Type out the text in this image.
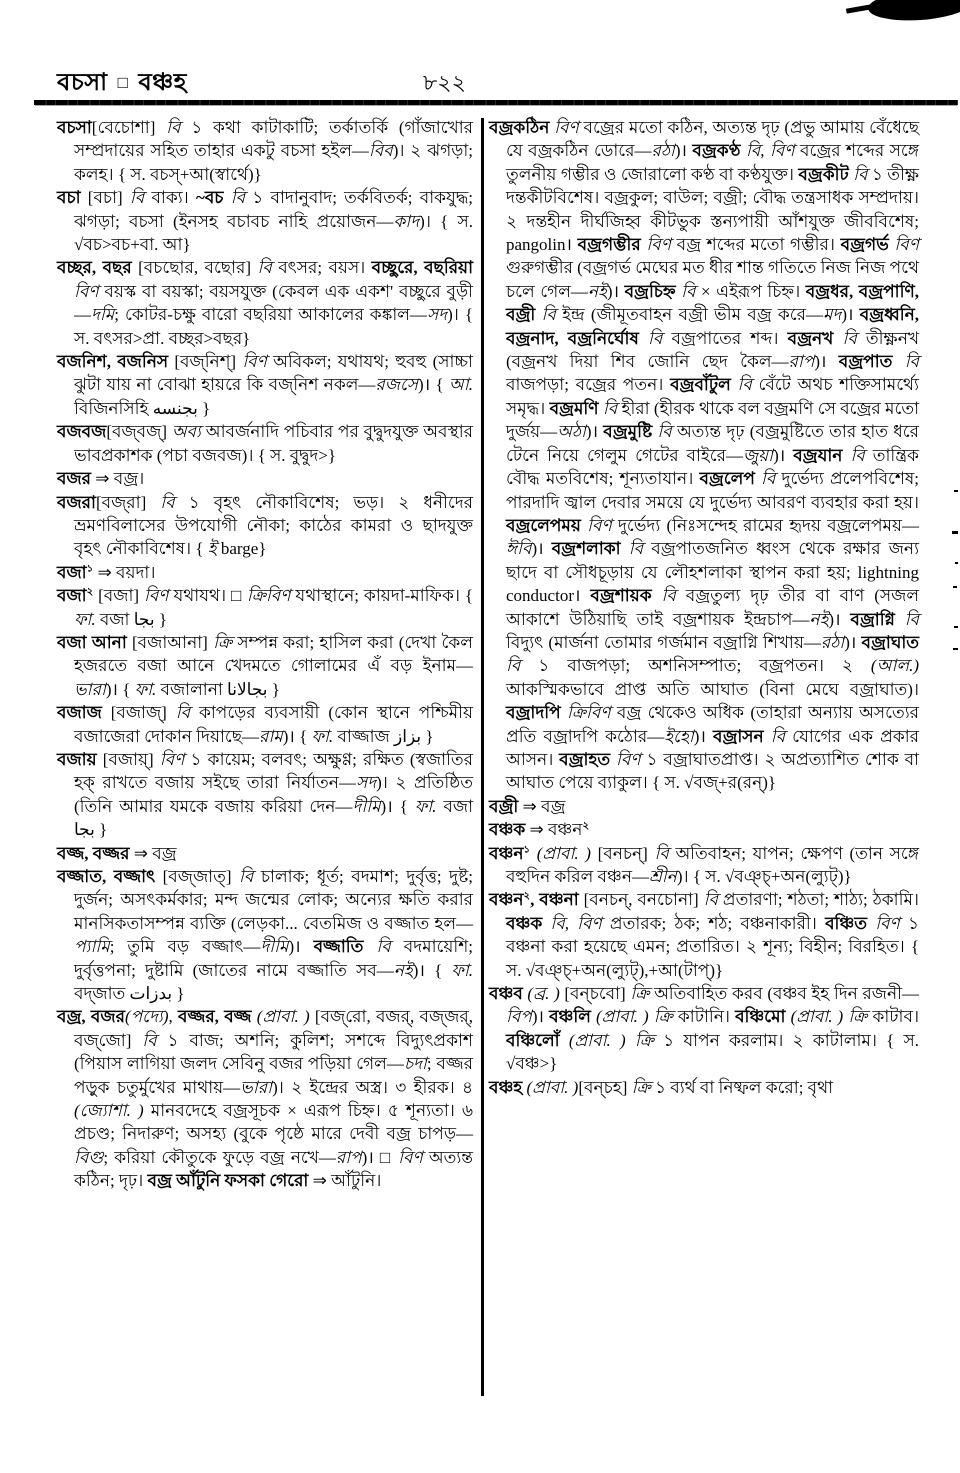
বচসা □ বঞ্চহ	৮২২
বচসা[বেচোশা] বি ১ কথা কাটাকাটি; তর্কাতর্কি (গাঁজাখোর সম্প্রদায়ের সহিত তাহার একটু বচসা হইল—বিব)। ২ ঝগড়া; কলহ। { স. বচস্+আ(স্বার্থে)}
বচা [বচা] বি বাক্য। ~বচ বি ১ বাদানুবাদ; তর্কবিতর্ক; বাকযুদ্ধ; ঝগড়া; বচসা (ইনসহ বচাবচ নাহি প্রয়োজন—কাদ)। { স. √বচ>বচ+বা. আ}
বচ্ছর, বছর [বচছোর, বছোর] বি বৎসর; বয়স। বচ্ছুরে, বছরিয়া বিণ বয়স্ক বা বয়স্কা; বয়সযুক্ত (কেবল এক একশ' বচ্ছুরে বুড়ী—দমি; কোটর-চক্ষু বারো বছরিয়া আকালের কঙ্কাল—সদ)। { স. বৎসর>প্রা. বচ্ছর>বছর}
বজনিশ, বজনিস [বজ্‌নিশ্] বিণ অবিকল; যথাযথ; হুবহু (সাচ্চা ঝুটা যায় না বোঝা হায়রে কি বজ্‌নিশ নকল—রজসে)। { আ. বিজিনসিহি بجنسه }
বজবজ[বজ্‌বজ্] অব্য আবর্জনাদি পচিবার পর বুদ্বুদযুক্ত অবস্থার ভাবপ্রকাশক (পচা বজবজ)। { স. বুদ্বুদ>}
বজর ⇒ বজ্র।
বজরা[বজ্‌রা] বি ১ বৃহৎ নৌকাবিশেষ; ভড়। ২ ধনীদের ভ্রমণবিলাসের উপযোগী নৌকা; কাঠের কামরা ও ছাদযুক্ত বৃহৎ নৌকাবিশেষ। { ই barge}
বজা$^১$ ⇒ বয়দা।
বজা$^২$ [বজা] বিণ যথাযথ। □ ক্রিবিণ যথাস্থানে; কায়দা-মাফিক। { ফা. বজা بجا }
বজা আনা [বজাআনা] ক্রি সম্পন্ন করা; হাসিল করা (দেখা কৈল হজরতে বজা আনে খেদমতে গোলামের এঁ বড় ইনাম—ভারা)। { ফা. বজালানা بجالانا }
বজাজ [বজাজ্] বি কাপড়ের ব্যবসায়ী (কোন স্থানে পশ্চিমীয় বজাজেরা দোকান দিয়াছে—রাম)। { ফা. বাজ্জাজ بزاز }
বজায় [বজায়্] বিণ ১ কায়েম; বলবৎ; অক্ষুণ্ণ; রক্ষিত (স্বজাতির হক্ রাখতে বজায় সইছে তারা নির্যাতন—সদ)। ২ প্রতিষ্ঠিত (তিনি আমার যমকে বজায় করিয়া দেন—দীমি)। { ফা. বজা بجا }
বজ্জ, বজ্জর ⇒ বজ্র
বজ্জাত, বজ্জাৎ [বজ্‌জাত্] বি চালাক; ধূর্ত; বদমাশ; দুর্বৃত্ত; দুষ্ট; দুর্জন; অসৎকর্মকার; মন্দ জন্মের লোক; অন্যের ক্ষতি করার মানসিকতাসম্পন্ন ব্যক্তি (লেড়কা... বেতমিজ ও বজ্জাত হল—প্যামি; তুমি বড় বজ্জাৎ—দীমি)। বজ্জাতি বি বদমায়েশি; দুর্বৃত্তপনা; দুষ্টামি (জাতের নামে বজ্জাতি সব—নই)। { ফা. বদ্‌জাত بدزات }
বজ্র, বজর(পদ্যে), বজ্জর, বজ্জ (প্রাবা. ) [বজ্‌রো, বজর্, বজ্‌জর্, বজ্‌জো] বি ১ বাজ; অশনি; কুলিশ; সশব্দে বিদ্যুৎপ্রকাশ (পিয়াস লাগিয়া জলদ সেবিনু বজর পড়িয়া গেল—চদা; বজ্জর পড়ুক চতুর্মুখের মাথায়—ভারা)। ২ ইন্দ্রের অস্ত্র। ৩ হীরক। ৪ (জ্যোশা. ) মানবদেহে বজ্রসূচক × এরূপ চিহ্ন। ৫ শূন্যতা। ৬ প্রচণ্ড; নিদারুণ; অসহ্য (বুকে পৃষ্ঠে মারে দেবী বজ্র চাপড়—বিগু; করিয়া কৌতুকে ফুড়ে বজ্র নখে—রাপ)। □ বিণ অত্যন্ত কঠিন; দৃঢ়। বজ্র আঁটুনি ফসকা গেরো ⇒ আঁটুনি।
বজ্রকঠিন বিণ বজ্রের মতো কঠিন, অত্যন্ত দৃঢ় (প্রভু আমায় বেঁধেছে যে বজ্রকঠিন ডোরে—রঠা)। বজ্রকণ্ঠ বি, বিণ বজ্রের শব্দের সঙ্গে তুলনীয় গম্ভীর ও জোরালো কণ্ঠ বা কণ্ঠযুক্ত। বজ্রকীট বি ১ তীক্ষ্ণ দন্তকীটবিশেষ। বজ্রকুল; বাউল; বজ্রী; বৌদ্ধ তন্ত্রসাধক সম্প্রদায়। ২ দন্তহীন দীর্ঘজিহ্ব কীটভুক স্তন্যপায়ী আঁশযুক্ত জীববিশেষ; pangolin। বজ্রগম্ভীর বিণ বজ্র শব্দের মতো গম্ভীর। বজ্রগর্ভ বিণ গুরুগম্ভীর (বজ্রগর্ভ মেঘের মত ধীর শান্ত গতিতে নিজ নিজ পথে চলে গেল—নই)। বজ্রচিহ্ন বি × এইরূপ চিহ্ন। বজ্রধর, বজ্রপাণি, বজ্রী বি ইন্দ্র (জীমূতবাহন বজ্রী ভীম বজ্র করে—মদ)। বজ্রধ্বনি, বজ্রনাদ, বজ্রনির্ঘোষ বি বজ্রপাতের শব্দ। বজ্রনখ বি তীক্ষ্ণনখ (বজ্রনখ দিয়া শিব জোনি ছেদ কৈল—রাপ)। বজ্রপাত বি বাজপড়া; বজ্রের পতন। বজ্রবাঁটুল বি বেঁটে অথচ শক্তিসামর্থ্যে সমৃদ্ধ। বজ্রমণি বি হীরা (হীরক থাকে বল বজ্রমণি সে বজ্রের মতো দুর্জয়—অঠা)। বজ্রমুষ্টি বি অত্যন্ত দৃঢ় (বজ্রমুষ্টিতে তার হাত ধরে টেনে নিয়ে গেলুম গেটের বাইরে—জুয়া)। বজ্রযান বি তান্ত্রিক বৌদ্ধ মতবিশেষ; শূন্যতাযান। বজ্রলেপ বি দুর্ভেদ্য প্রলেপবিশেষ; পারদাদি জ্বাল দেবার সময়ে যে দুর্ভেদ্য আবরণ ব্যবহার করা হয়। বজ্রলেপময় বিণ দুর্ভেদ্য (নিঃসন্দেহ রামের হৃদয় বজ্রলেপময়—ঈবি)। বজ্রশলাকা বি বজ্রপাতজনিত ধ্বংস থেকে রক্ষার জন্য ছাদে বা সৌধচূড়ায় যে লৌহশলাকা স্থাপন করা হয়; lightning conductor। বজ্রশায়ক বি বজ্রতুল্য দৃঢ় তীর বা বাণ (সজল আকাশে উঠিয়াছি তাই বজ্রশায়ক ইন্দ্রচাপ—নই)। বজ্রাগ্নি বি বিদ্যুৎ (মার্জনা তোমার গর্জমান বজ্রাগ্নি শিখায়—রঠা)। বজ্রাঘাত বি ১ বাজপড়া; অশনিসম্পাত; বজ্রপতন। ২ (আল.) আকস্মিকভাবে প্রাপ্ত অতি আঘাত (বিনা মেঘে বজ্রাঘাত)। বজ্রাদপি ক্রিবিণ বজ্র থেকেও অধিক (তাহারা অন্যায় অসত্যের প্রতি বজ্রাদপি কঠোর—ইহো)। বজ্রাসন বি যোগের এক প্রকার আসন। বজ্রাহত বিণ ১ বজ্রাঘাতপ্রাপ্ত। ২ অপ্রত্যাশিত শোক বা আঘাত পেয়ে ব্যাকুল। { স. √বজ্+র(রন্)}
বজ্রী ⇒ বজ্র
বঞ্চক ⇒ বঞ্চন$^২$
বঞ্চন$^১$ (প্রাবা. ) [বনচন্] বি অতিবাহন; যাপন; ক্ষেপণ (তান সঙ্গে বহুদিন করিল বঞ্চন—শ্রীন)। { স. √বঞ্চ্+অন(ল্যুট্)}
বঞ্চন$^২$, বঞ্চনা [বনচন্, বনচোনা] বি প্রতারণা; শঠতা; শাঠ্য; ঠকামি। বঞ্চক বি, বিণ প্রতারক; ঠক; শঠ; বঞ্চনাকারী। বঞ্চিত বিণ ১ বঞ্চনা করা হয়েছে এমন; প্রতারিত। ২ শূন্য; বিহীন; বিরহিত। { স. √বঞ্চ্+অন(ল্যুট্),+আ(টাপ্)}
বঞ্চব (ব্র. ) [বন্‌চবো] ক্রি অতিবাহিত করব (বঞ্চব ইহ দিন রজনী—বিপ)। বঞ্চলি (প্রাবা. ) ক্রি কাটানি। বঞ্চিমো (প্রাবা. ) ক্রি কাটাব। বঞ্চিলোঁ (প্রাবা. ) ক্রি ১ যাপন করলাম। ২ কাটালাম। { স. √বঞ্চ>}
বঞ্চহ (প্রাবা. )[বন্‌চহ] ক্রি ১ ব্যর্থ বা নিষ্ফল করো; বৃথা
